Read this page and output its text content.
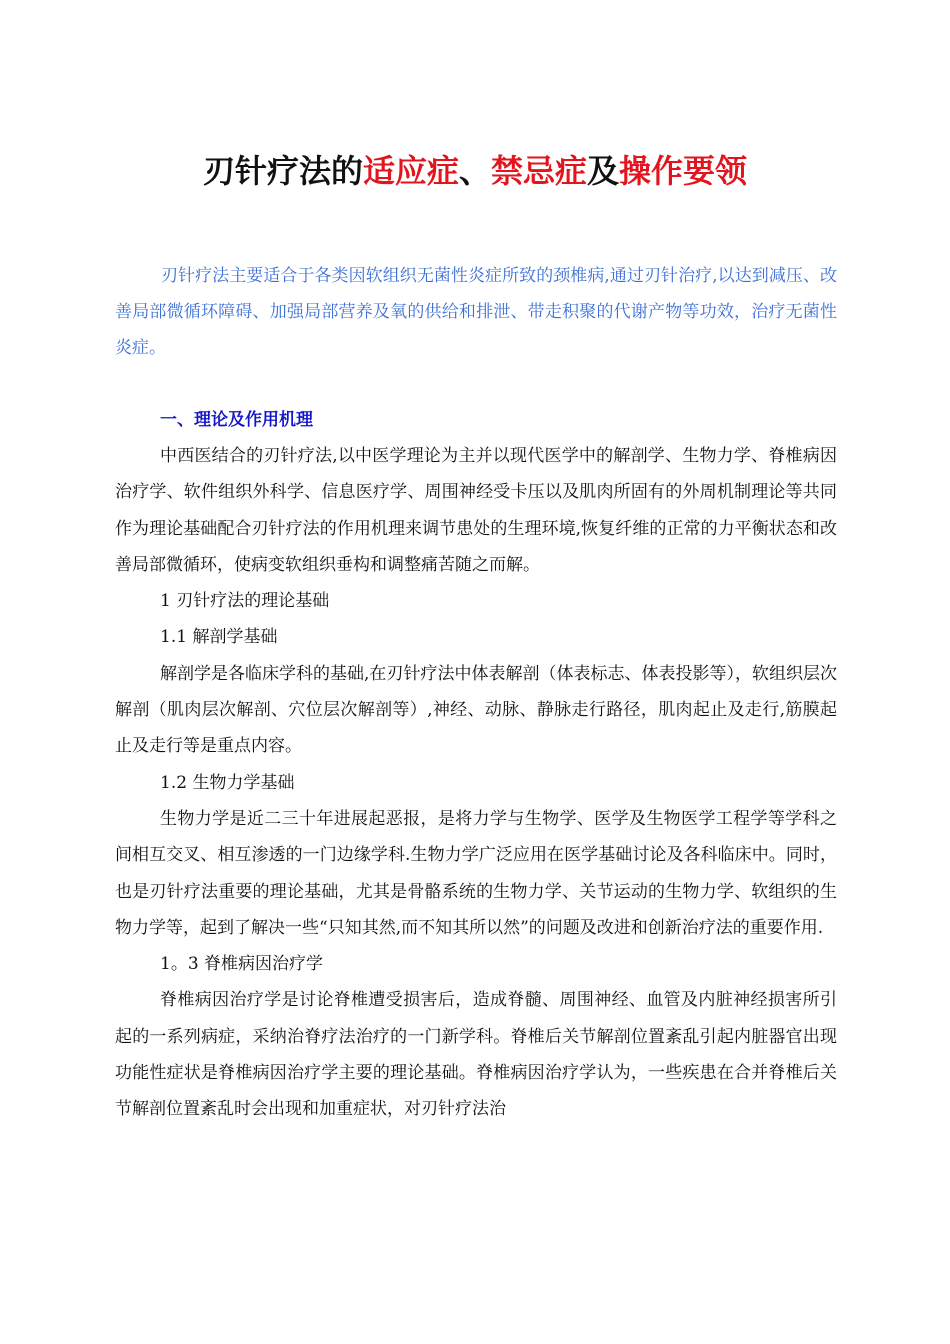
刃针疗法的适应症、禁忌症及操作要领

刃针疗法主要适合于各类因软组织无菌性炎症所致的颈椎病,通过刃针治疗,以达到减压、改善局部微循环障碍、加强局部营养及氧的供给和排泄、带走积聚的代谢产物等功效，治疗无菌性炎症。

一、理论及作用机理

中西医结合的刃针疗法,以中医学理论为主并以现代医学中的解剖学、生物力学、脊椎病因治疗学、软件组织外科学、信息医疗学、周围神经受卡压以及肌肉所固有的外周机制理论等共同作为理论基础配合刃针疗法的作用机理来调节患处的生理环境,恢复纤维的正常的力平衡状态和改善局部微循环，使病变软组织垂构和调整痛苦随之而解。

1 刃针疗法的理论基础

1.1 解剖学基础

解剖学是各临床学科的基础,在刃针疗法中体表解剖（体表标志、体表投影等），软组织层次解剖（肌肉层次解剖、穴位层次解剖等）,神经、动脉、静脉走行路径，肌肉起止及走行,筋膜起止及走行等是重点内容。

1.2 生物力学基础

生物力学是近二三十年进展起恶报，是将力学与生物学、医学及生物医学工程学等学科之间相互交叉、相互渗透的一门边缘学科.生物力学广泛应用在医学基础讨论及各科临床中。同时，也是刃针疗法重要的理论基础，尤其是骨骼系统的生物力学、关节运动的生物力学、软组织的生物力学等，起到了解决一些“只知其然,而不知其所以然”的问题及改进和创新治疗法的重要作用.

1。3 脊椎病因治疗学

脊椎病因治疗学是讨论脊椎遭受损害后，造成脊髓、周围神经、血管及内脏神经损害所引起的一系列病症，采纳治脊疗法治疗的一门新学科。脊椎后关节解剖位置紊乱引起内脏器官出现功能性症状是脊椎病因治疗学主要的理论基础。脊椎病因治疗学认为，一些疾患在合并脊椎后关节解剖位置紊乱时会出现和加重症状，对刃针疗法治
